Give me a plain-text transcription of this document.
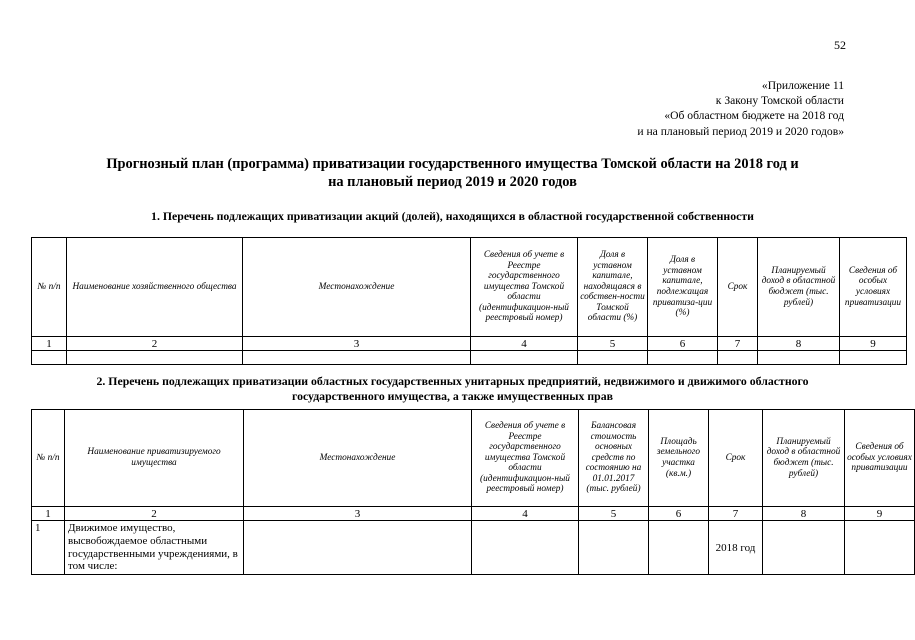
52
«Приложение 11
к Закону Томской области
«Об областном бюджете на 2018 год
и на плановый период 2019 и 2020 годов»
Прогнозный план (программа) приватизации государственного имущества Томской области на 2018 год и
на плановый период 2019 и 2020 годов
1. Перечень подлежащих приватизации акций (долей), находящихся в областной государственной собственности
№ п/п	Наименование хозяйственного общества	Местонахождение	Сведения об учете в Реестре государственного имущества Томской области (идентификацион-ный реестровый номер)	Доля в уставном капитале, находящаяся в собствен-ности Томской области (%)	Доля в уставном капитале, подлежащая приватиза-ции (%)	Срок	Планируемый доход в областной бюджет (тыс. рублей)	Сведения об особых условиях приватизации
1	2	3	4	5	6	7	8	9

2. Перечень подлежащих приватизации областных государственных унитарных предприятий, недвижимого и движимого областного государственного имущества, а также имущественных прав
№ п/п	Наименование приватизируемого имущества	Местонахождение	Сведения об учете в Реестре государственного имущества Томской области (идентификацион-ный реестровый номер)	Балансовая стоимость основных средств по состоянию на 01.01.2017 (тыс. рублей)	Площадь земельного участка (кв.м.)	Срок	Планируемый доход в областной бюджет (тыс. рублей)	Сведения об особых условиях приватизации
1	2	3	4	5	6	7	8	9
1	Движимое имущество, высвобождаемое областными государственными учреждениями, в том числе:					2018 год		
